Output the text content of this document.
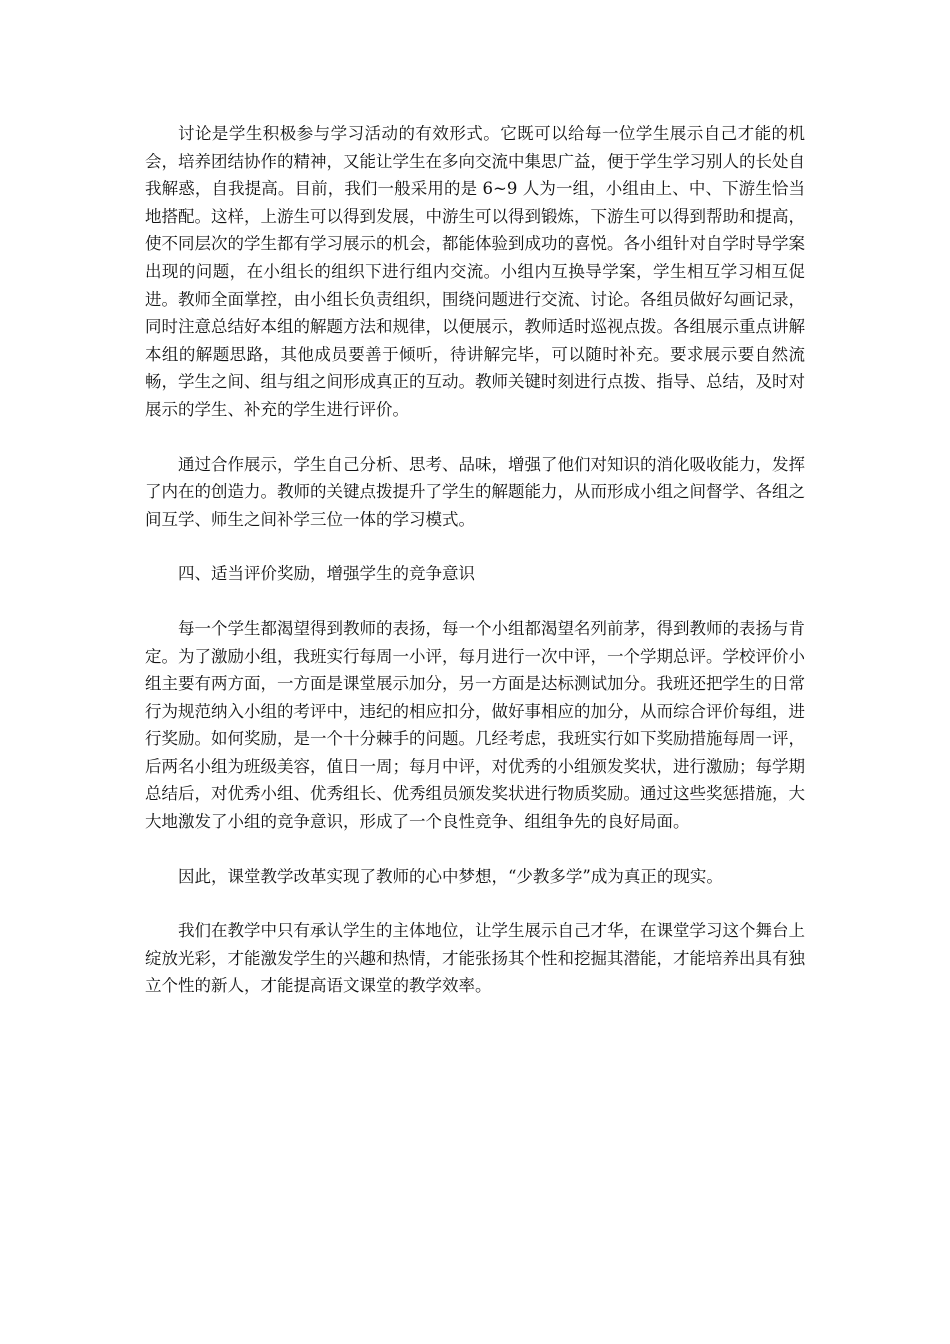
讨论是学生积极参与学习活动的有效形式。它既可以给每一位学生展示自己才能的机会，培养团结协作的精神，又能让学生在多向交流中集思广益，便于学生学习别人的长处自我解惑，自我提高。目前，我们一般采用的是 6~9 人为一组，小组由上、中、下游生恰当地搭配。这样，上游生可以得到发展，中游生可以得到锻炼，下游生可以得到帮助和提高，使不同层次的学生都有学习展示的机会，都能体验到成功的喜悦。各小组针对自学时导学案出现的问题，在小组长的组织下进行组内交流。小组内互换导学案，学生相互学习相互促进。教师全面掌控，由小组长负责组织，围绕问题进行交流、讨论。各组员做好勾画记录，同时注意总结好本组的解题方法和规律，以便展示，教师适时巡视点拨。各组展示重点讲解本组的解题思路，其他成员要善于倾听，待讲解完毕，可以随时补充。要求展示要自然流畅，学生之间、组与组之间形成真正的互动。教师关键时刻进行点拨、指导、总结，及时对展示的学生、补充的学生进行评价。

通过合作展示，学生自己分析、思考、品味，增强了他们对知识的消化吸收能力，发挥了内在的创造力。教师的关键点拨提升了学生的解题能力，从而形成小组之间督学、各组之间互学、师生之间补学三位一体的学习模式。

四、适当评价奖励，增强学生的竞争意识

每一个学生都渴望得到教师的表扬，每一个小组都渴望名列前茅，得到教师的表扬与肯定。为了激励小组，我班实行每周一小评，每月进行一次中评，一个学期总评。学校评价小组主要有两方面，一方面是课堂展示加分，另一方面是达标测试加分。我班还把学生的日常行为规范纳入小组的考评中，违纪的相应扣分，做好事相应的加分，从而综合评价每组，进行奖励。如何奖励，是一个十分棘手的问题。几经考虑，我班实行如下奖励措施每周一评，后两名小组为班级美容，值日一周；每月中评，对优秀的小组颁发奖状，进行激励；每学期总结后，对优秀小组、优秀组长、优秀组员颁发奖状进行物质奖励。通过这些奖惩措施，大大地激发了小组的竞争意识，形成了一个良性竞争、组组争先的良好局面。

因此，课堂教学改革实现了教师的心中梦想，“少教多学”成为真正的现实。

我们在教学中只有承认学生的主体地位，让学生展示自己才华，在课堂学习这个舞台上绽放光彩，才能激发学生的兴趣和热情，才能张扬其个性和挖掘其潜能，才能培养出具有独立个性的新人，才能提高语文课堂的教学效率。
